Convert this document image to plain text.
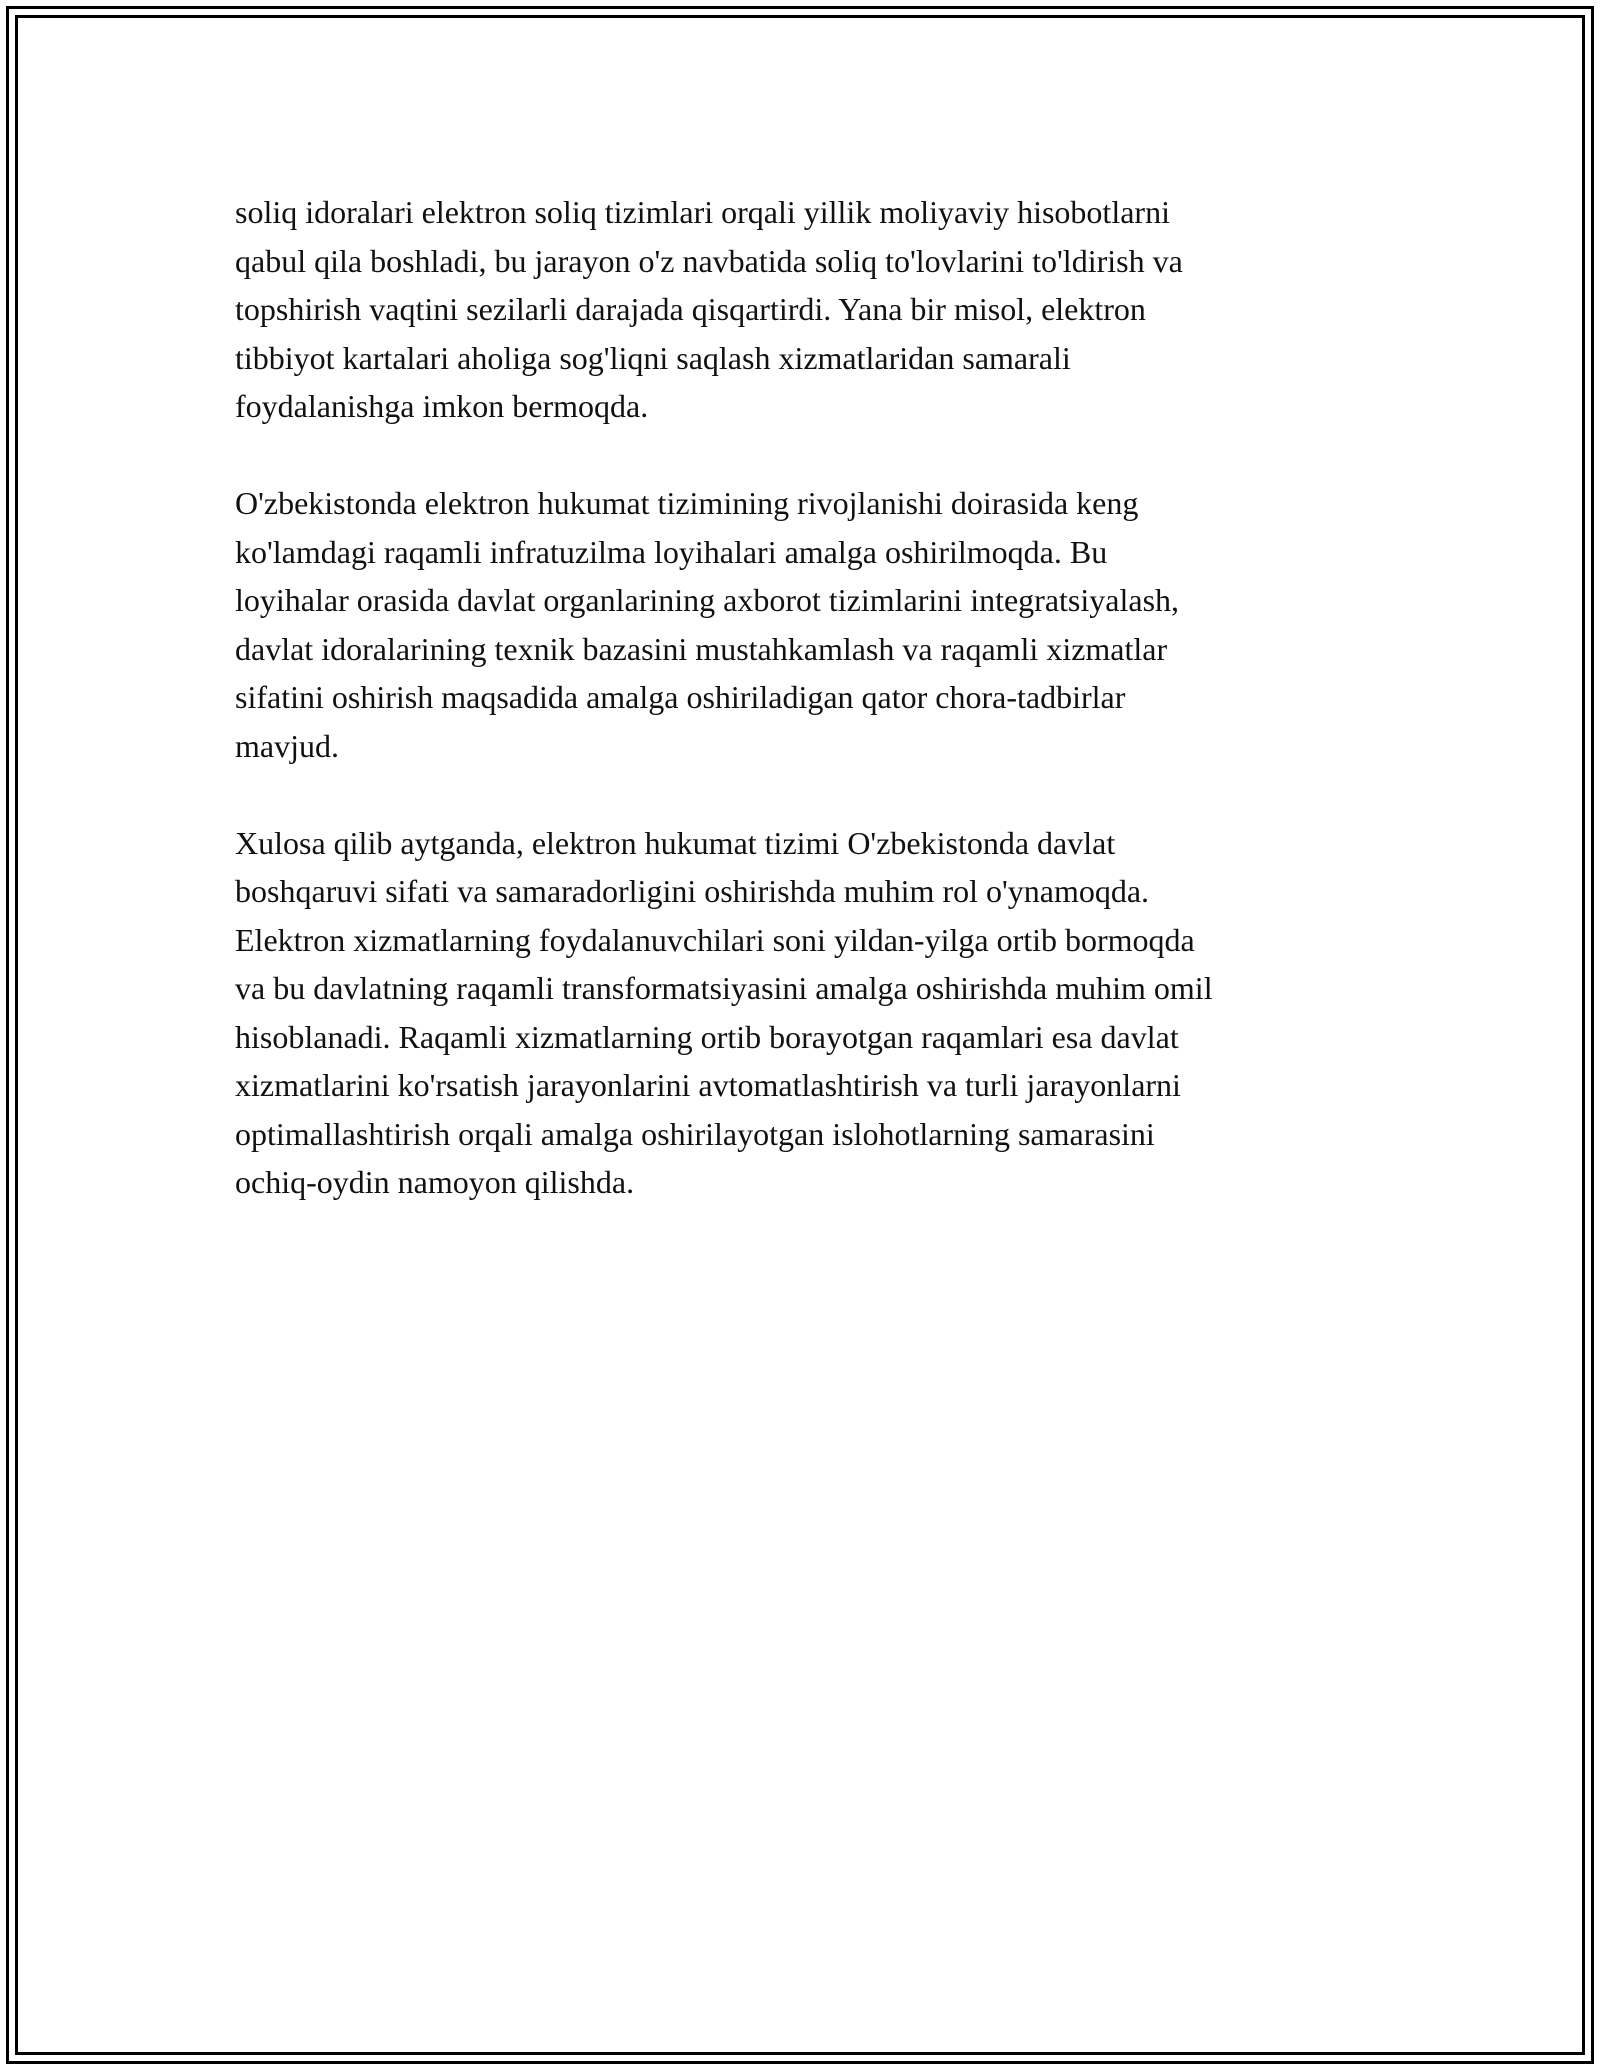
soliq idoralari elektron soliq tizimlari orqali yillik moliyaviy hisobotlarni
qabul qila boshladi, bu jarayon o'z navbatida soliq to'lovlarini to'ldirish va
topshirish vaqtini sezilarli darajada qisqartirdi. Yana bir misol, elektron
tibbiyot kartalari aholiga sog'liqni saqlash xizmatlaridan samarali
foydalanishga imkon bermoqda.

O'zbekistonda elektron hukumat tizimining rivojlanishi doirasida keng
ko'lamdagi raqamli infratuzilma loyihalari amalga oshirilmoqda. Bu
loyihalar orasida davlat organlarining axborot tizimlarini integratsiyalash,
davlat idoralarining texnik bazasini mustahkamlash va raqamli xizmatlar
sifatini oshirish maqsadida amalga oshiriladigan qator chora-tadbirlar
mavjud.

Xulosa qilib aytganda, elektron hukumat tizimi O'zbekistonda davlat
boshqaruvi sifati va samaradorligini oshirishda muhim rol o'ynamoqda.
Elektron xizmatlarning foydalanuvchilari soni yildan-yilga ortib bormoqda
va bu davlatning raqamli transformatsiyasini amalga oshirishda muhim omil
hisoblanadi. Raqamli xizmatlarning ortib borayotgan raqamlari esa davlat
xizmatlarini ko'rsatish jarayonlarini avtomatlashtirish va turli jarayonlarni
optimallashtirish orqali amalga oshirilayotgan islohotlarning samarasini
ochiq-oydin namoyon qilishda.
